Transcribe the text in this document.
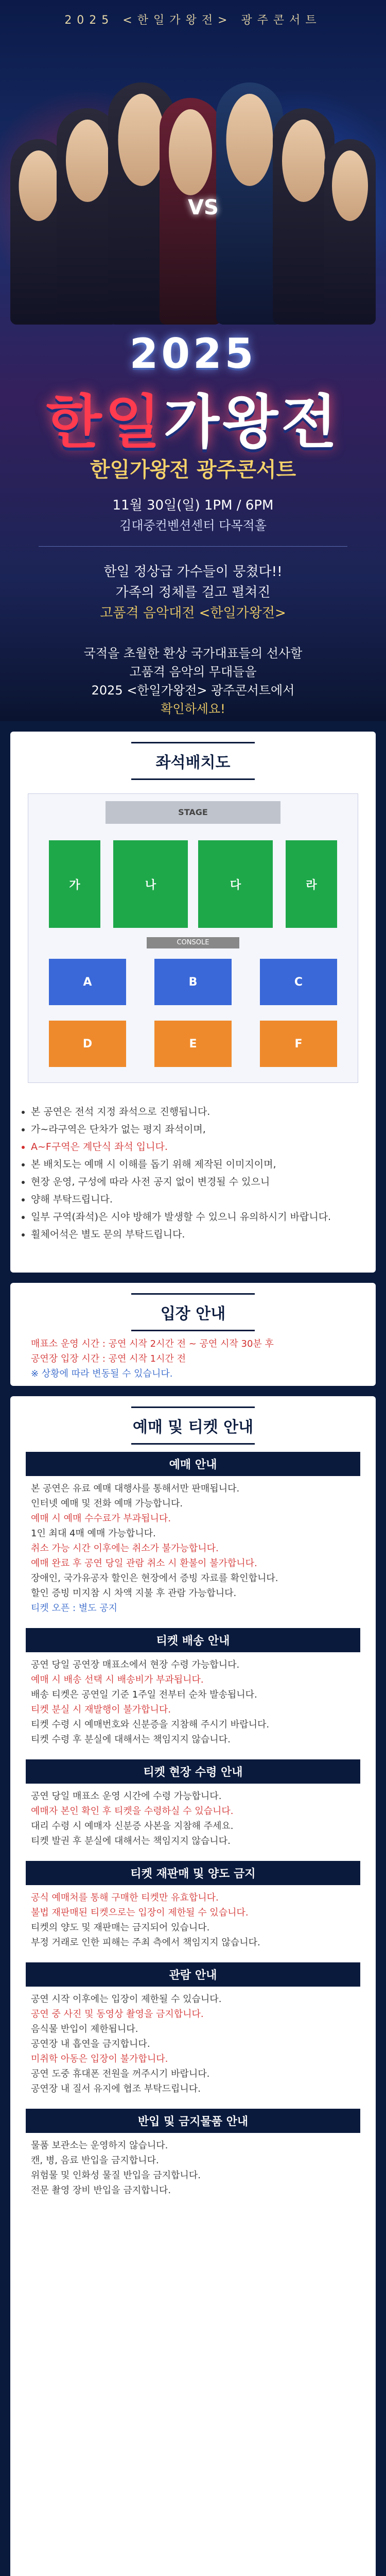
2025 <한일가왕전> 광주콘서트
VS
2025
한일가왕전
한일가왕전 광주콘서트
11월 30일(일) 1PM / 6PM
김대중컨벤션센터 다목적홀
한일 정상급 가수들이 뭉쳤다!!
가족의 정체를 걸고 펼쳐진
고품격 음악대전 <한일가왕전>
국적을 초월한 환상 국가대표들의 선사할
고품격 음악의 무대들을
2025 <한일가왕전> 광주콘서트에서
확인하세요!
좌석배치도
STAGE
가	나	다	라
CONSOLE
A	B	C
D	E	F
• 본 공연은 전석 지정 좌석으로 진행됩니다.
• 가~라구역은 단차가 없는 평지 좌석이며,
• A~F구역은 계단식 좌석 입니다.
• 본 배치도는 예매 시 이해를 돕기 위해 제작된 이미지이며,
• 현장 운영, 구성에 따라 사전 공지 없이 변경될 수 있으니
• 양해 부탁드립니다.
• 일부 구역(좌석)은 시야 방해가 발생할 수 있으니 유의하시기 바랍니다.
• 휠체어석은 별도 문의 부탁드립니다.
입장 안내
매표소 운영 시간 : 공연 시작 2시간 전 ~ 공연 시작 30분 후
공연장 입장 시간 : 공연 시작 1시간 전
※ 상황에 따라 변동될 수 있습니다.
예매 및 티켓 안내
예매 안내
본 공연은 유료 예매 대행사를 통해서만 판매됩니다.
인터넷 예매 및 전화 예매 가능합니다.
예매 시 예매 수수료가 부과됩니다.
1인 최대 4매 예매 가능합니다.
취소 가능 시간 이후에는 취소가 불가능합니다.
예매 완료 후 공연 당일 관람 취소 시 환불이 불가합니다.
장애인, 국가유공자 할인은 현장에서 증빙 자료를 확인합니다.
할인 증빙 미지참 시 차액 지불 후 관람 가능합니다.
티켓 오픈 : 별도 공지
티켓 배송 안내
공연 당일 공연장 매표소에서 현장 수령 가능합니다.
예매 시 배송 선택 시 배송비가 부과됩니다.
배송 티켓은 공연일 기준 1주일 전부터 순차 발송됩니다.
티켓 분실 시 재발행이 불가합니다.
티켓 수령 시 예매번호와 신분증을 지참해 주시기 바랍니다.
티켓 수령 후 분실에 대해서는 책임지지 않습니다.
티켓 현장 수령 안내
공연 당일 매표소 운영 시간에 수령 가능합니다.
예매자 본인 확인 후 티켓을 수령하실 수 있습니다.
대리 수령 시 예매자 신분증 사본을 지참해 주세요.
티켓 발권 후 분실에 대해서는 책임지지 않습니다.
티켓 재판매 및 양도 금지
공식 예매처를 통해 구매한 티켓만 유효합니다.
불법 재판매된 티켓으로는 입장이 제한될 수 있습니다.
티켓의 양도 및 재판매는 금지되어 있습니다.
부정 거래로 인한 피해는 주최 측에서 책임지지 않습니다.
관람 안내
공연 시작 이후에는 입장이 제한될 수 있습니다.
공연 중 사진 및 동영상 촬영을 금지합니다.
음식물 반입이 제한됩니다.
공연장 내 흡연을 금지합니다.
미취학 아동은 입장이 불가합니다.
공연 도중 휴대폰 전원을 꺼주시기 바랍니다.
공연장 내 질서 유지에 협조 부탁드립니다.
반입 및 금지물품 안내
물품 보관소는 운영하지 않습니다.
캔, 병, 음료 반입을 금지합니다.
위험물 및 인화성 물질 반입을 금지합니다.
전문 촬영 장비 반입을 금지합니다.
